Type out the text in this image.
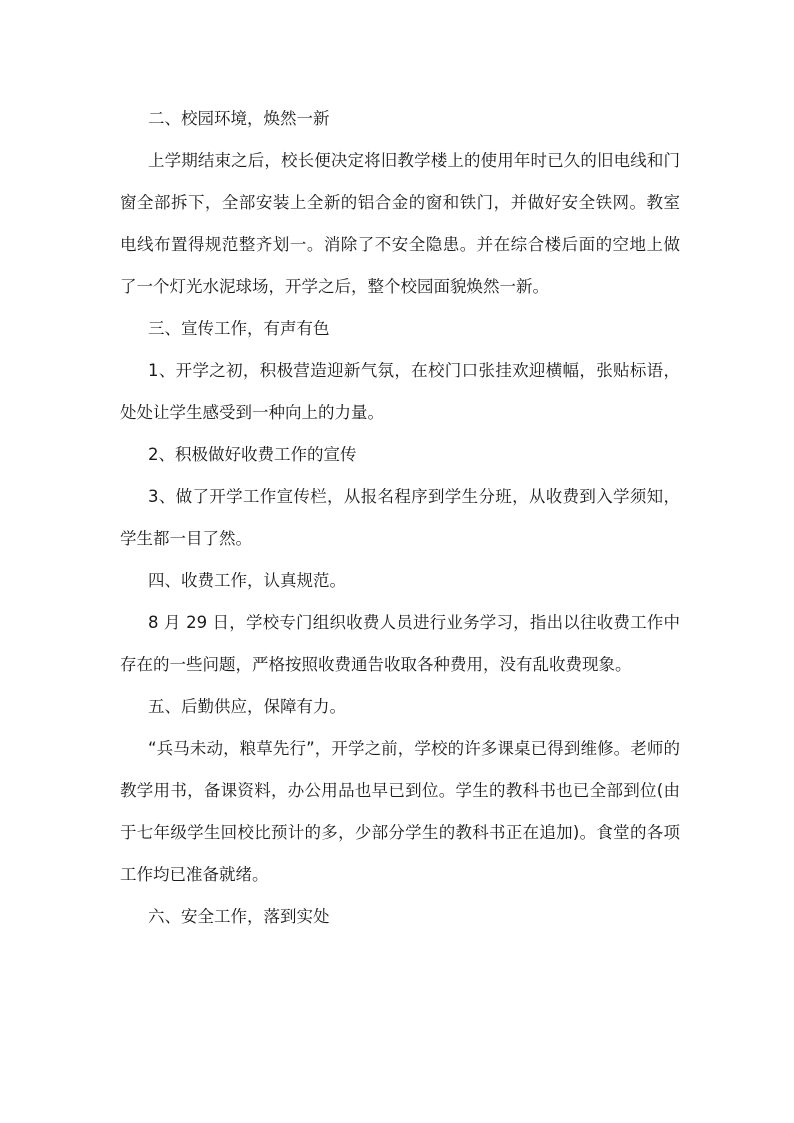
二、校园环境，焕然一新

上学期结束之后，校长便决定将旧教学楼上的使用年时已久的旧电线和门窗全部拆下，全部安装上全新的铝合金的窗和铁门，并做好安全铁网。教室电线布置得规范整齐划一。消除了不安全隐患。并在综合楼后面的空地上做了一个灯光水泥球场，开学之后，整个校园面貌焕然一新。

三、宣传工作，有声有色

1、开学之初，积极营造迎新气氛，在校门口张挂欢迎横幅，张贴标语，处处让学生感受到一种向上的力量。

2、积极做好收费工作的宣传

3、做了开学工作宣传栏，从报名程序到学生分班，从收费到入学须知，学生都一目了然。

四、收费工作，认真规范。

8 月 29 日，学校专门组织收费人员进行业务学习，指出以往收费工作中存在的一些问题，严格按照收费通告收取各种费用，没有乱收费现象。

五、后勤供应，保障有力。

“兵马未动，粮草先行”，开学之前，学校的许多课桌已得到维修。老师的教学用书，备课资料，办公用品也早已到位。学生的教科书也已全部到位(由于七年级学生回校比预计的多，少部分学生的教科书正在追加)。食堂的各项工作均已准备就绪。

六、安全工作，落到实处
